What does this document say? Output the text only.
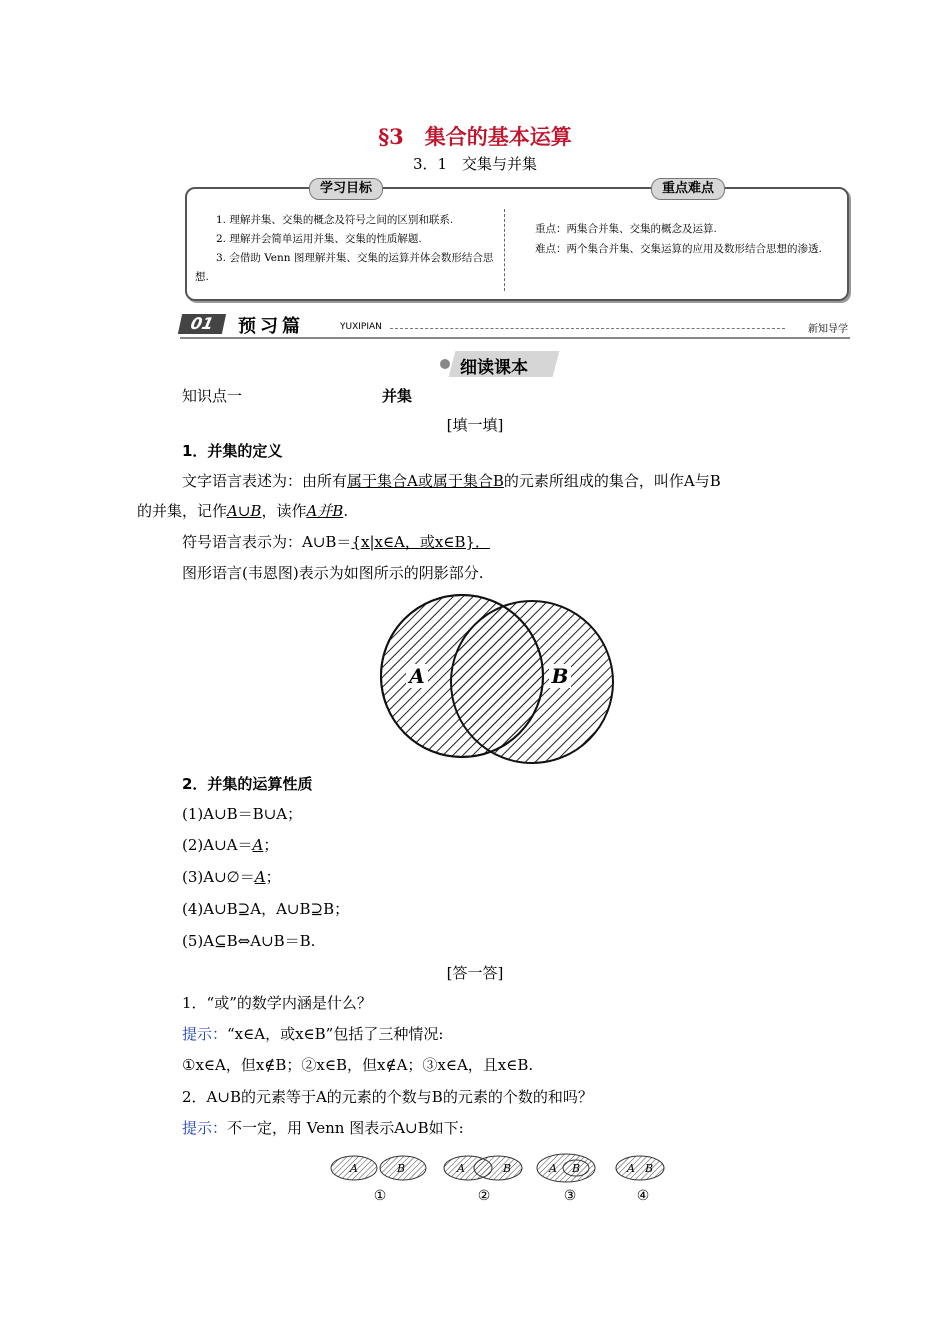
§3　集合的基本运算
3．1　交集与并集
学习目标	重点难点

1. 理解并集、交集的概念及符号之间的区别和联系.

2. 理解并会简单运用并集、交集的性质解题.

3. 会借助 Venn 图理解并集、交集的运算并体会数形结合思想.

重点：两集合并集、交集的概念及运算.

难点：两个集合并集、交集运算的应用及数形结合思想的渗透.

01	预习篇	YUXIPIAN	新知导学
细读课本
知识点一	并集
[填一填]
1．并集的定义
文字语言表述为：由所有属于集合A或属于集合B的元素所组成的集合，叫作A与B
的并集，记作A∪B，读作A并B.
符号语言表示为：A∪B＝{x|x∈A，或x∈B}．
图形语言(韦恩图)表示为如图所示的阴影部分.
A	B
2．并集的运算性质
(1)A∪B＝B∪A；
(2)A∪A＝A；
(3)A∪∅＝A；
(4)A∪B⊇A，A∪B⊇B；
(5)A⊆B⇔A∪B＝B.
[答一答]
1．“或”的数学内涵是什么？
提示：“x∈A，或x∈B”包括了三种情况:
①x∈A，但x∉B；②x∈B，但x∉A；③x∈A，且x∈B.
2．A∪B的元素等于A的元素的个数与B的元素的个数的和吗？
提示：不一定，用 Venn 图表示A∪B如下:
A	B	A	B	A B	A B
①	②	③	④
